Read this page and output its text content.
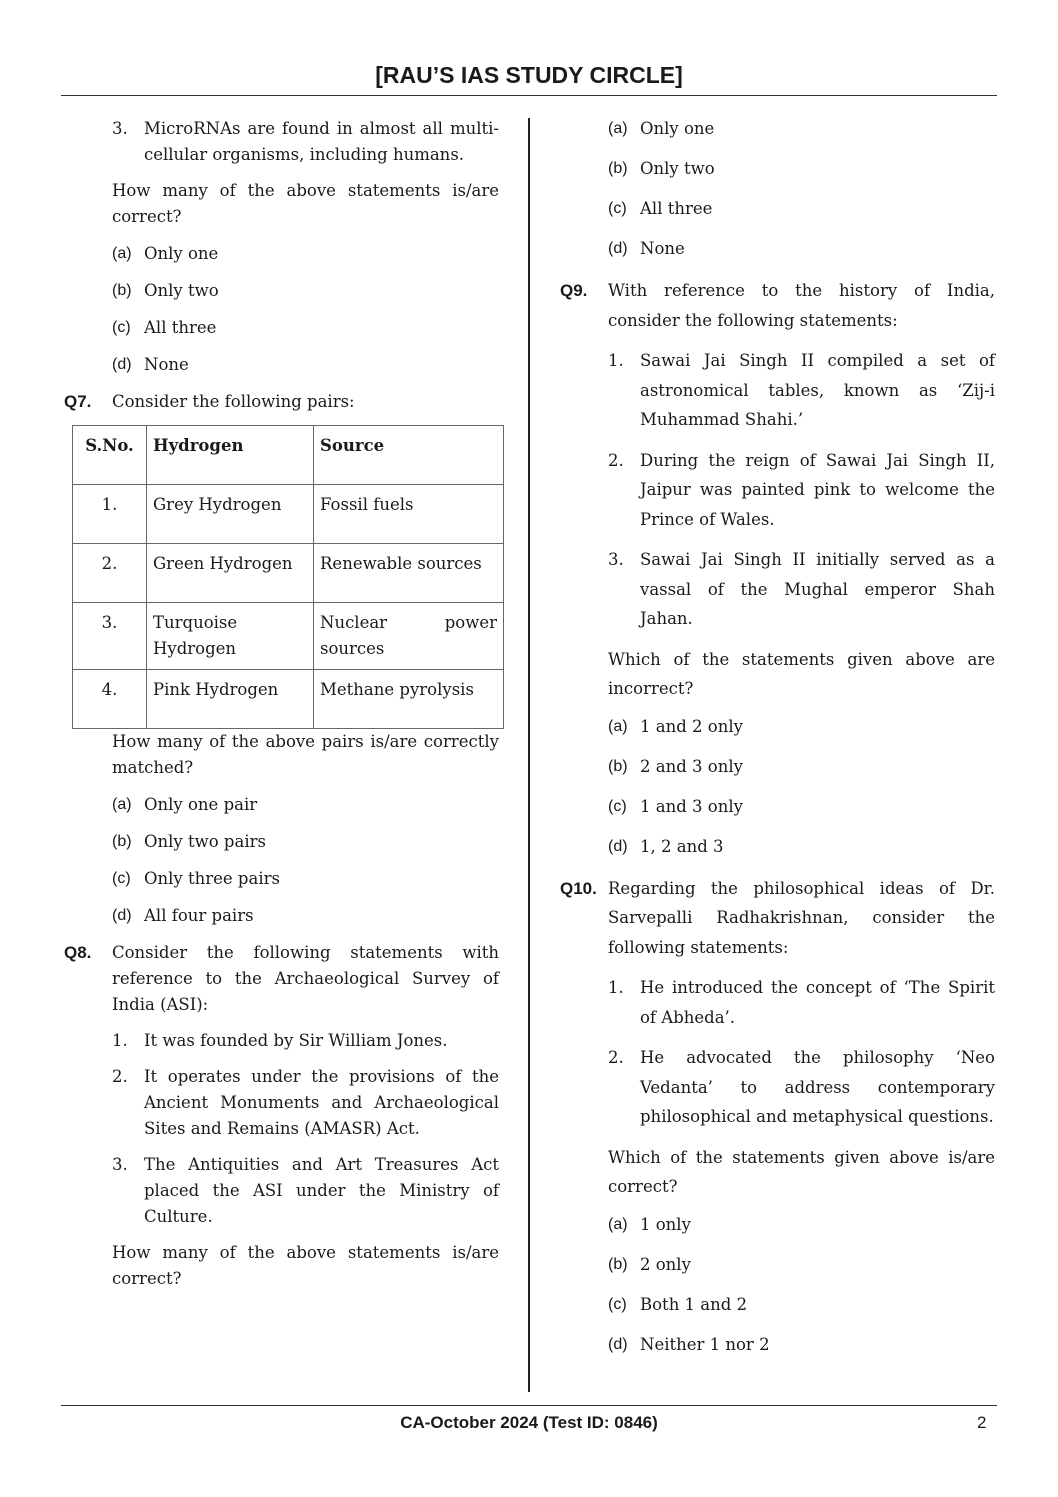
[RAU’S IAS STUDY CIRCLE]
3. MicroRNAs are found in almost all multi-cellular organisms, including humans.
How many of the above statements is/are correct?
(a) Only one
(b) Only two
(c) All three
(d) None
Q7. Consider the following pairs:
S.No.	Hydrogen	Source
1.	Grey Hydrogen	Fossil fuels
2.	Green Hydrogen	Renewable sources
3.	Turquoise Hydrogen	Nuclear power sources
4.	Pink Hydrogen	Methane pyrolysis
How many of the above pairs is/are correctly matched?
(a) Only one pair
(b) Only two pairs
(c) Only three pairs
(d) All four pairs
Q8. Consider the following statements with reference to the Archaeological Survey of India (ASI):
1. It was founded by Sir William Jones.
2. It operates under the provisions of the Ancient Monuments and Archaeological Sites and Remains (AMASR) Act.
3. The Antiquities and Art Treasures Act placed the ASI under the Ministry of Culture.
How many of the above statements is/are correct?
(a) Only one
(b) Only two
(c) All three
(d) None
Q9. With reference to the history of India, consider the following statements:
1. Sawai Jai Singh II compiled a set of astronomical tables, known as ‘Zij-i Muhammad Shahi.’
2. During the reign of Sawai Jai Singh II, Jaipur was painted pink to welcome the Prince of Wales.
3. Sawai Jai Singh II initially served as a vassal of the Mughal emperor Shah Jahan.
Which of the statements given above are incorrect?
(a) 1 and 2 only
(b) 2 and 3 only
(c) 1 and 3 only
(d) 1, 2 and 3
Q10. Regarding the philosophical ideas of Dr. Sarvepalli Radhakrishnan, consider the following statements:
1. He introduced the concept of ‘The Spirit of Abheda’.
2. He advocated the philosophy ‘Neo Vedanta’ to address contemporary philosophical and metaphysical questions.
Which of the statements given above is/are correct?
(a) 1 only
(b) 2 only
(c) Both 1 and 2
(d) Neither 1 nor 2
CA-October 2024 (Test ID: 0846)	2
